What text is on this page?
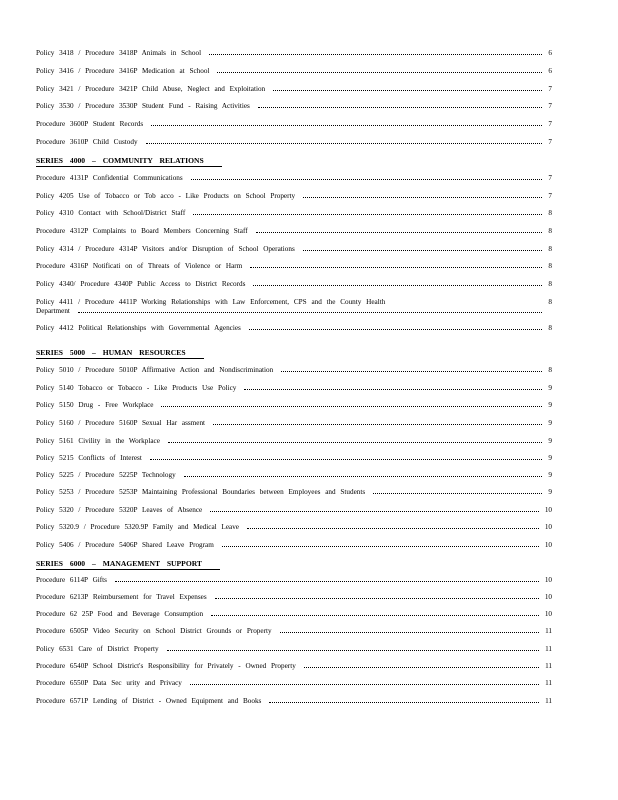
Policy 3418 / Procedure 3418P Animals in School	6
Policy 3416 / Procedure 3416P Medication at School	6
Policy 3421 / Procedure 3421P Child Abuse, Neglect and Exploitation	7
Policy 3530 / Procedure 3530P Student Fund - Raising Activities	7
Procedure 3600P Student Records	7
Procedure 3610P Child Custody	7
SERIES 4000 – COMMUNITY RELATIONS
Procedure 4131P Confidential Communications	7
Policy 4205 Use of Tobacco or Tob acco - Like Products on School Property	7
Policy 4310 Contact with School/District Staff	8
Procedure 4312P Complaints to Board Members Concerning Staff	8
Policy 4314 / Procedure 4314P Visitors and/or Disruption of School Operations	8
Procedure 4316P Notificati on of Threats of Violence or Harm	8
Policy 4340/ Procedure 4340P Public Access to District Records	8
Policy 4411 / Procedure 4411P Working Relationships with Law Enforcement, CPS and the County Health	8
Department
Policy 4412 Political Relationships with Governmental Agencies	8
SERIES 5000 – HUMAN RESOURCES
Policy 5010 / Procedure 5010P Affirmative Action and Nondiscrimination	8
Policy 5140 Tobacco or Tobacco - Like Products Use Policy	9
Policy 5150 Drug - Free Workplace	9
Policy 5160 / Procedure 5160P Sexual Har assment	9
Policy 5161 Civility in the Workplace	9
Policy 5215 Conflicts of Interest	9
Policy 5225 / Procedure 5225P Technology	9
Policy 5253 / Procedure 5253P Maintaining Professional Boundaries between Employees and Students	9
Policy 5320 / Procedure 5320P Leaves of Absence	10
Policy 5320.9 / Procedure 5320.9P Family and Medical Leave	10
Policy 5406 / Procedure 5406P Shared Leave Program	10
SERIES 6000 – MANAGEMENT SUPPORT
Procedure 6114P Gifts	10
Procedure 6213P Reimbursement for Travel Expenses	10
Procedure 62 25P Food and Beverage Consumption	10
Procedure 6505P Video Security on School District Grounds or Property	11
Policy 6531 Care of District Property	11
Procedure 6540P School District's Responsibility for Privately - Owned Property	11
Procedure 6550P Data Sec urity and Privacy	11
Procedure 6571P Lending of District - Owned Equipment and Books	11
